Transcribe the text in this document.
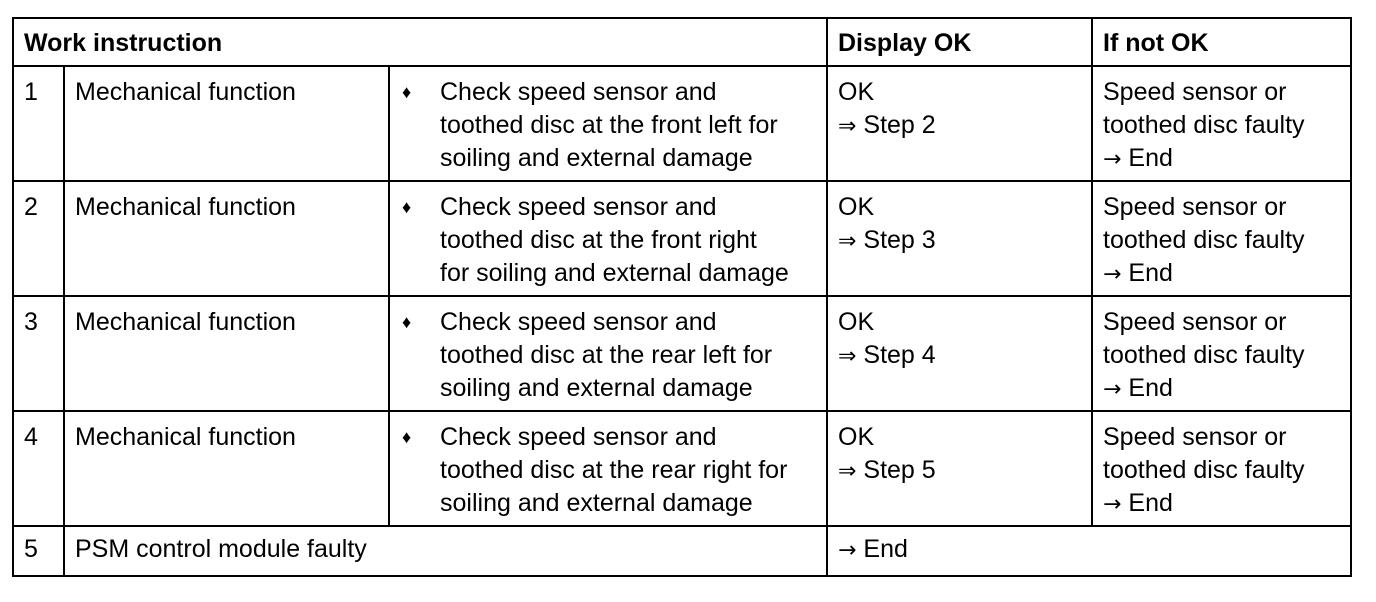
Work instruction			Display OK	If not OK
1	Mechanical function	♦ Check speed sensor and
toothed disc at the front left for
soiling and external damage	OK
⇒ Step 2	Speed sensor or
toothed disc faulty
→ End

2	Mechanical function	♦ Check speed sensor and
toothed disc at the front right
for soiling and external damage	OK
⇒ Step 3	Speed sensor or
toothed disc faulty
→ End

3	Mechanical function	♦ Check speed sensor and
toothed disc at the rear left for
soiling and external damage	OK
⇒ Step 4	Speed sensor or
toothed disc faulty
→ End

4	Mechanical function	♦ Check speed sensor and
toothed disc at the rear right for
soiling and external damage	OK
⇒ Step 5	Speed sensor or
toothed disc faulty
→ End

5	PSM control module faulty		→ End	
